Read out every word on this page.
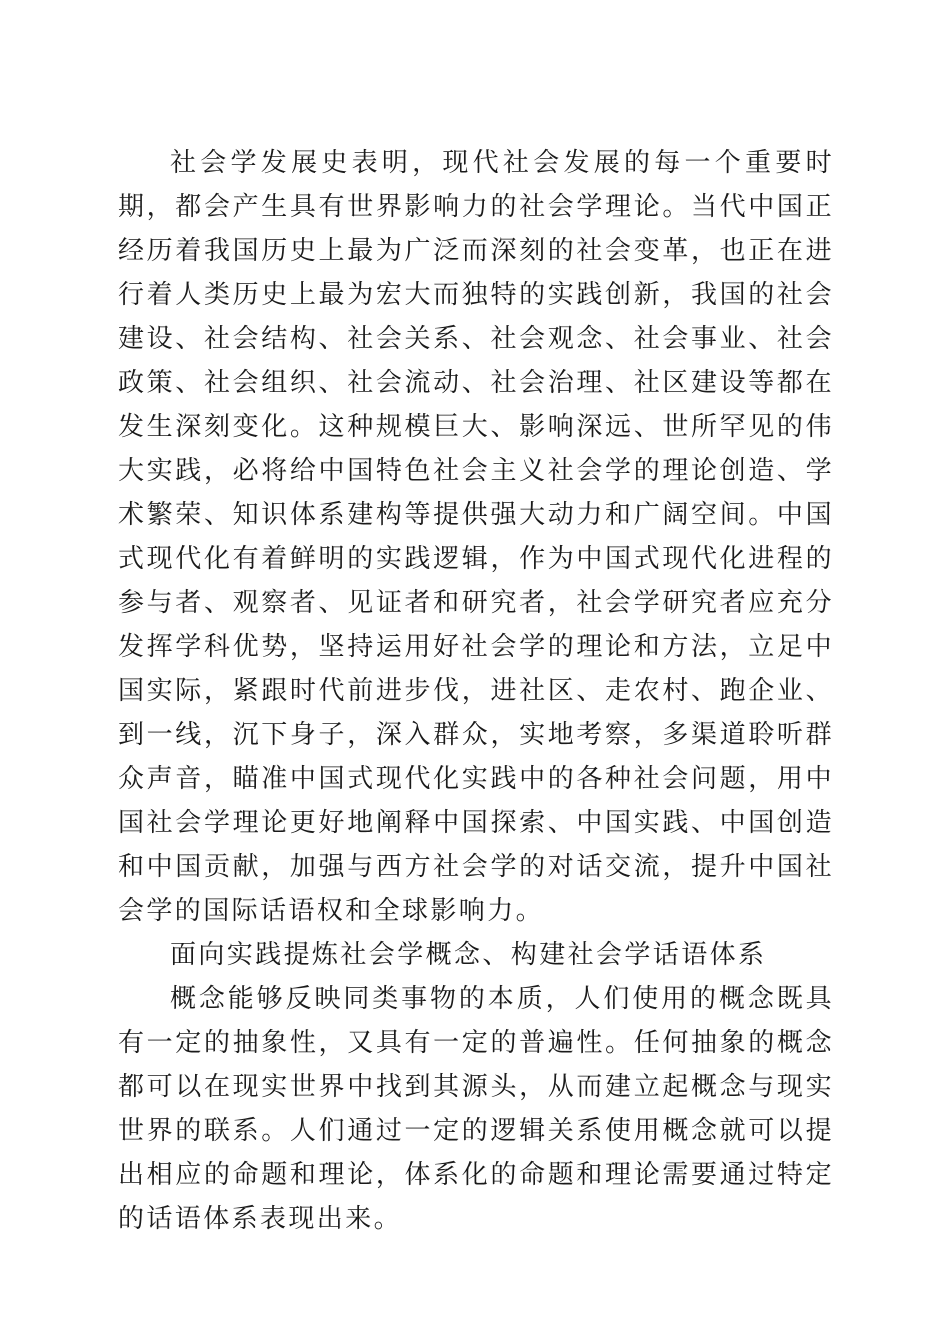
社会学发展史表明，现代社会发展的每一个重要时期，都会产生具有世界影响力的社会学理论。当代中国正经历着我国历史上最为广泛而深刻的社会变革，也正在进行着人类历史上最为宏大而独特的实践创新，我国的社会建设、社会结构、社会关系、社会观念、社会事业、社会政策、社会组织、社会流动、社会治理、社区建设等都在发生深刻变化。这种规模巨大、影响深远、世所罕见的伟大实践，必将给中国特色社会主义社会学的理论创造、学术繁荣、知识体系建构等提供强大动力和广阔空间。中国式现代化有着鲜明的实践逻辑，作为中国式现代化进程的参与者、观察者、见证者和研究者，社会学研究者应充分发挥学科优势，坚持运用好社会学的理论和方法，立足中国实际，紧跟时代前进步伐，进社区、走农村、跑企业、到一线，沉下身子，深入群众，实地考察，多渠道聆听群众声音，瞄准中国式现代化实践中的各种社会问题，用中国社会学理论更好地阐释中国探索、中国实践、中国创造和中国贡献，加强与西方社会学的对话交流，提升中国社会学的国际话语权和全球影响力。

面向实践提炼社会学概念、构建社会学话语体系

概念能够反映同类事物的本质，人们使用的概念既具有一定的抽象性，又具有一定的普遍性。任何抽象的概念都可以在现实世界中找到其源头，从而建立起概念与现实世界的联系。人们通过一定的逻辑关系使用概念就可以提出相应的命题和理论，体系化的命题和理论需要通过特定的话语体系表现出来。
